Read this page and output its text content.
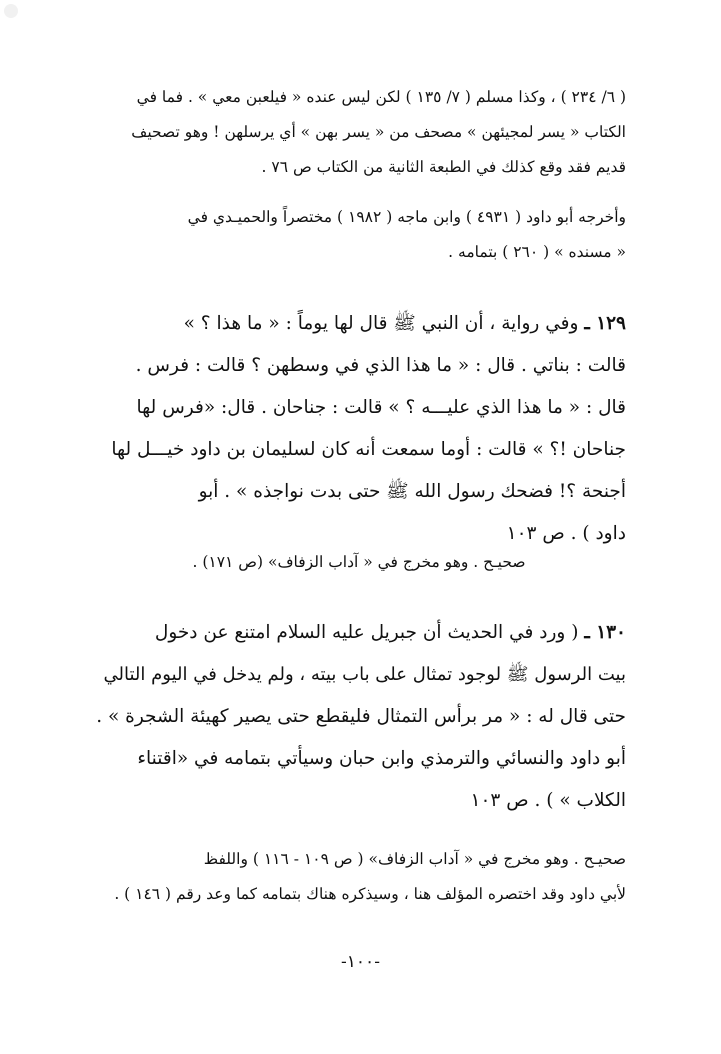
( ٦/ ٢٣٤ ) ، وكذا مسلم ( ٧/ ١٣٥ ) لكن ليس عنده « فيلعبن معي » . فما في
الكتاب « يسر لمجيئهن » مصحف من « يسر بهن » أي يرسلهن ! وهو تصحيف
قديم فقد وقع كذلك في الطبعة الثانية من الكتاب ص ٧٦ .
وأخرجه أبو داود ( ٤٩٣١ ) وابن ماجه ( ١٩٨٢ ) مختصراً والحميـدي في
« مسنده » ( ٢٦٠ ) بتمامه .
١٢٩ ـ وفي رواية ، أن النبي ﷺ قال لها يوماً : « ما هذا ؟ »
قالت : بناتي . قال : « ما هذا الذي في وسطهن ؟ قالت : فرس .
قال : « ما هذا الذي عليـــه ؟ » قالت : جناحان . قال: «فرس لها
جناحان !؟ » قالت : أوما سمعت أنه كان لسليمان بن داود خيـــل لها
أجنحة ؟! فضحك رسول الله ﷺ حتى بدت نواجذه » . أبو
داود ) . ص ١٠٣
صحيـح . وهو مخرج في « آداب الزفاف» (ص ١٧١) .
١٣٠ ـ ( ورد في الحديث أن جبريل عليه السلام امتنع عن دخول
بيت الرسول ﷺ لوجود تمثال على باب بيته ، ولم يدخل في اليوم التالي
حتى قال له : « مر برأس التمثال فليقطع حتى يصير كهيئة الشجرة » .
أبو داود والنسائي والترمذي وابن حبان وسيأتي بتمامه في «اقتناء
الكلاب » ) . ص ١٠٣
صحيـح . وهو مخرج في « آداب الزفاف» ( ص ١٠٩ - ١١٦ ) واللفظ
لأبي داود وقد اختصره المؤلف هنا ، وسيذكره هناك بتمامه كما وعد رقم ( ١٤٦ ) .
-١٠٠-
